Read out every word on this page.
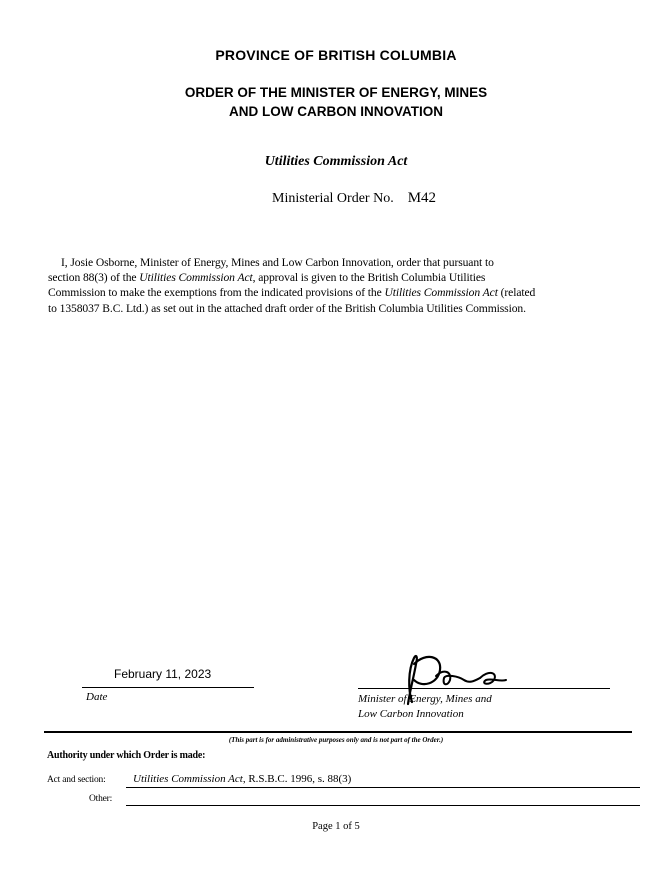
PROVINCE OF BRITISH COLUMBIA
ORDER OF THE MINISTER OF ENERGY, MINES
AND LOW CARBON INNOVATION
Utilities Commission Act
Ministerial Order No. M42
I, Josie Osborne, Minister of Energy, Mines and Low Carbon Innovation, order that pursuant to
section 88(3) of the Utilities Commission Act, approval is given to the British Columbia Utilities
Commission to make the exemptions from the indicated provisions of the Utilities Commission Act (related
to 1358037 B.C. Ltd.) as set out in the attached draft order of the British Columbia Utilities Commission.
February 11, 2023
Date	Minister of Energy, Mines and
Low Carbon Innovation
(This part is for administrative purposes only and is not part of the Order.)
Authority under which Order is made:
Act and section: Utilities Commission Act, R.S.B.C. 1996, s. 88(3)
Other:
Page 1 of 5
